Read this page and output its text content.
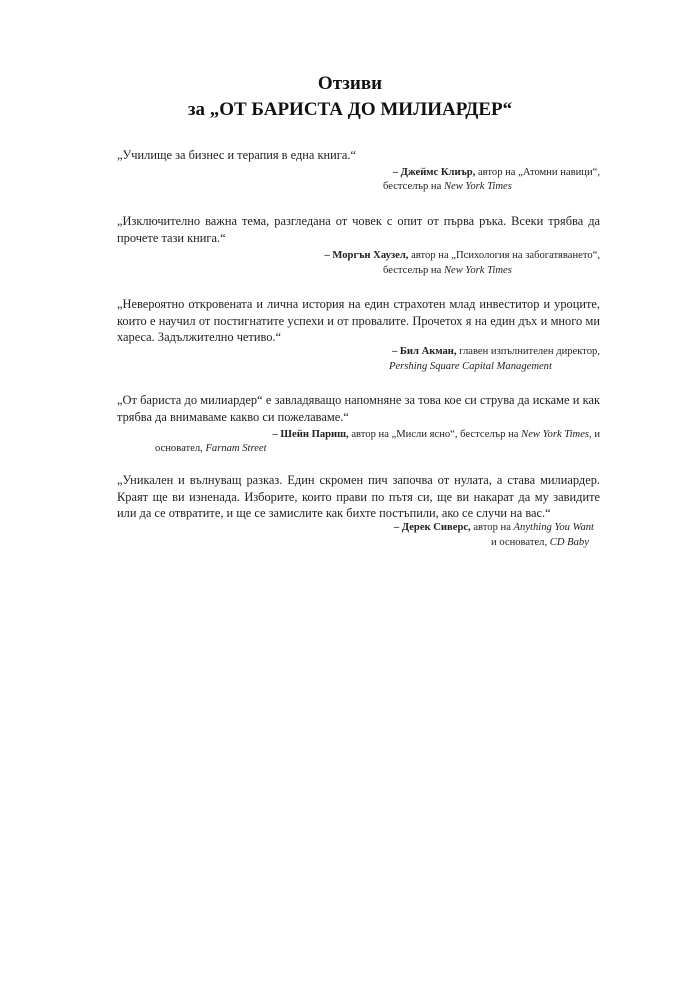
Отзиви
за „ОТ БАРИСТА ДО МИЛИАРДЕР“

„Училище за бизнес и терапия в една книга.“

– Джеймс Клиър, автор на „Атомни навици“,
бестселър на New York Times

„Изключително важна тема, разгледана от човек с опит от първа ръка. Всеки трябва да прочете тази книга.“

– Моргън Хаузел, автор на „Психология на забогатяването“,
бестселър на New York Times

„Невероятно откровената и лична история на един страхотен млад инвеститор и уроците, които е научил от постигнатите успехи и от провалите. Прочетох я на един дъх и много ми хареса. Задължително четиво.“

– Бил Акман, главен изпълнителен директор,
Pershing Square Capital Management

„От бариста до милиардер“ е завладяващо напомняне за това кое си струва да искаме и как трябва да внимаваме какво си пожелаваме.“

– Шейн Париш, автор на „Мисли ясно“, бестселър на New York Times, и
основател, Farnam Street

„Уникален и вълнуващ разказ. Един скромен пич започва от нулата, а става милиардер. Краят ще ви изненада. Изборите, които прави по пътя си, ще ви накарат да му завидите или да се отвратите, и ще се замислите как бихте постъпили, ако се случи на вас.“

– Дерек Сиверс, автор на Anything You Want
и основател, CD Baby
